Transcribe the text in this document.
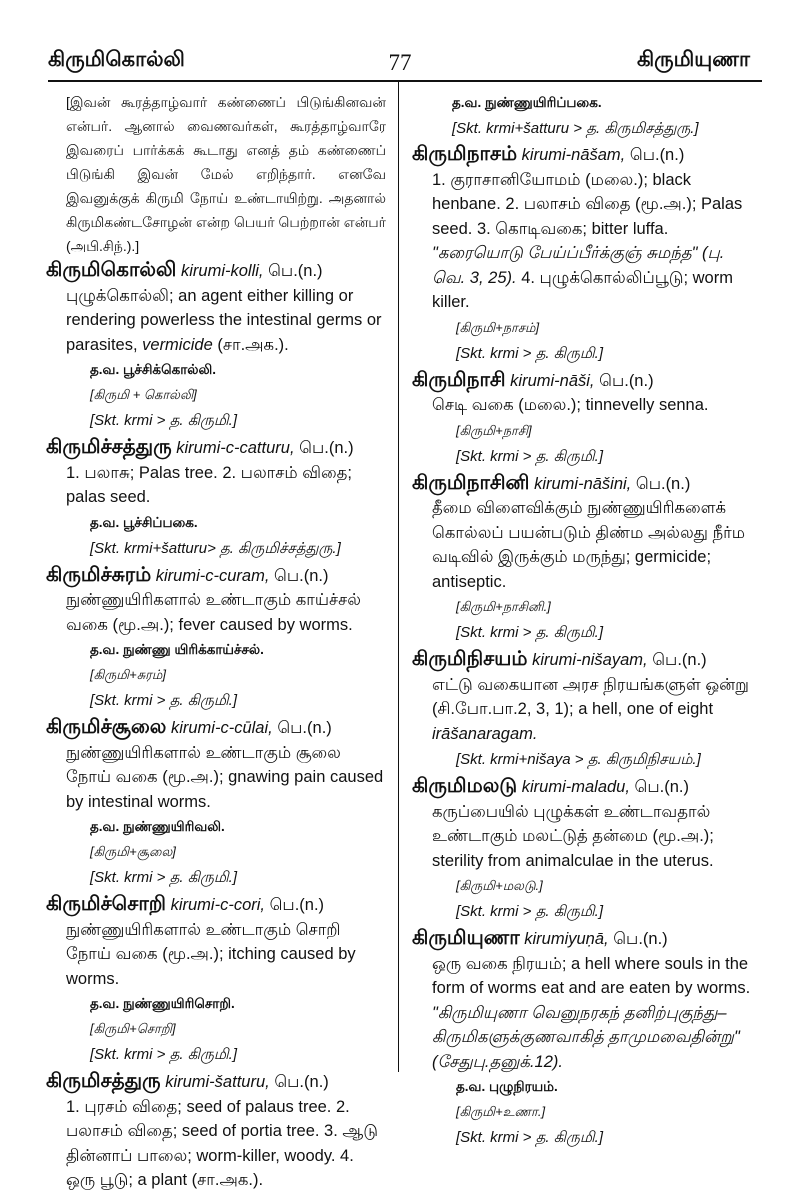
கிருமிகொல்லி	77	கிருமியுணா
[இவன் கூரத்தாழ்வார் கண்ணைப் பிடுங்கினவன் என்பர். ஆனால் வைணவர்கள், கூரத்தாழ்வாரே இவரைப் பார்க்கக் கூடாது எனத் தம் கண்ணைப் பிடுங்கி இவன் மேல் எறிந்தார். எனவே இவனுக்குக் கிருமி நோய் உண்டாயிற்று. அதனால் கிருமிகண்டசோழன் என்ற பெயர் பெற்றான் என்பர் (அபி.சிந்.).]
கிருமிகொல்லி kirumi-kolli, பெ.(n.)
புழுக்கொல்லி; an agent either killing or rendering powerless the intestinal germs or parasites, vermicide (சா.அக.).
த.வ. பூச்சிக்கொல்லி.
[கிருமி + கொல்லி]
[Skt. krmi > த. கிருமி.]
கிருமிச்சத்துரு kirumi-c-catturu, பெ.(n.)
1. பலாசு; Palas tree. 2. பலாசம் விதை; palas seed.
த.வ. பூச்சிப்பகை.
[Skt. krmi+šatturu> த. கிருமிச்சத்துரு.]
கிருமிச்சுரம் kirumi-c-curam, பெ.(n.)
நுண்ணுயிரிகளால் உண்டாகும் காய்ச்சல் வகை (மூ.அ.); fever caused by worms.
த.வ. நுண்ணு யிரிக்காய்ச்சல்.
[கிருமி+சுரம்]
[Skt. krmi > த. கிருமி.]
கிருமிச்சூலை kirumi-c-cūlai, பெ.(n.)
நுண்ணுயிரிகளால் உண்டாகும் சூலை நோய் வகை (மூ.அ.); gnawing pain caused by intestinal worms.
த.வ. நுண்ணுயிரிவலி.
[கிருமி+சூலை]
[Skt. krmi > த. கிருமி.]
கிருமிச்சொறி kirumi-c-cori, பெ.(n.)
நுண்ணுயிரிகளால் உண்டாகும் சொறி நோய் வகை (மூ.அ.); itching caused by worms.
த.வ. நுண்ணுயிரிசொறி.
[கிருமி+சொறி]
[Skt. krmi > த. கிருமி.]
கிருமிசத்துரு kirumi-šatturu, பெ.(n.)
1. புரசம் விதை; seed of palaus tree. 2. பலாசம் விதை; seed of portia tree. 3. ஆடு தின்னாப் பாலை; worm-killer, woody. 4. ஒரு பூடு; a plant (சா.அக.).
த.வ. நுண்ணுயிரிப்பகை.
[Skt. krmi+šatturu > த. கிருமிசத்துரு.]
கிருமிநாசம் kirumi-nāšam, பெ.(n.)
1. குராசானியோமம் (மலை.); black henbane. 2. பலாசம் விதை (மூ.அ.); Palas seed. 3. கொடிவகை; bitter luffa. "கரையொடு பேய்ப்பீர்க்குஞ் சுமந்த" (பு. வெ. 3, 25). 4. புழுக்கொல்லிப்பூடு; worm killer.
[கிருமி+நாசம்]
[Skt. krmi > த. கிருமி.]
கிருமிநாசி kirumi-nāši, பெ.(n.)
செடி வகை (மலை.); tinnevelly senna.
[கிருமி+நாசி]
[Skt. krmi > த. கிருமி.]
கிருமிநாசினி kirumi-nāšini, பெ.(n.)
தீமை விளைவிக்கும் நுண்ணுயிரிகளைக் கொல்லப் பயன்படும் திண்ம அல்லது நீர்ம வடிவில் இருக்கும் மருந்து; germicide; antiseptic.
[கிருமி+நாசினி.]
[Skt. krmi > த. கிருமி.]
கிருமிநிசயம் kirumi-nišayam, பெ.(n.)
எட்டு வகையான அரச நிரயங்களுள் ஒன்று (சி.போ.பா.2, 3, 1); a hell, one of eight irāšanaragam.
[Skt. krmi+nišaya > த. கிருமிநிசயம்.]
கிருமிமலடு kirumi-maladu, பெ.(n.)
கருப்பையில் புழுக்கள் உண்டாவதால் உண்டாகும் மலட்டுத் தன்மை (மூ.அ.); sterility from animalculae in the uterus.
[கிருமி+மலடு.]
[Skt. krmi > த. கிருமி.]
கிருமியுணா kirumiyuṇā, பெ.(n.)
ஒரு வகை நிரயம்; a hell where souls in the form of worms eat and are eaten by worms. "கிருமியுணா வெனுநரகந் தனிற்புகுந்து– கிருமிகளுக்குணவாகித் தாமுமவைதின்று" (சேதுபு.தனுக்.12).
த.வ. புழுநிரயம்.
[கிருமி+உணா.]
[Skt. krmi > த. கிருமி.]
